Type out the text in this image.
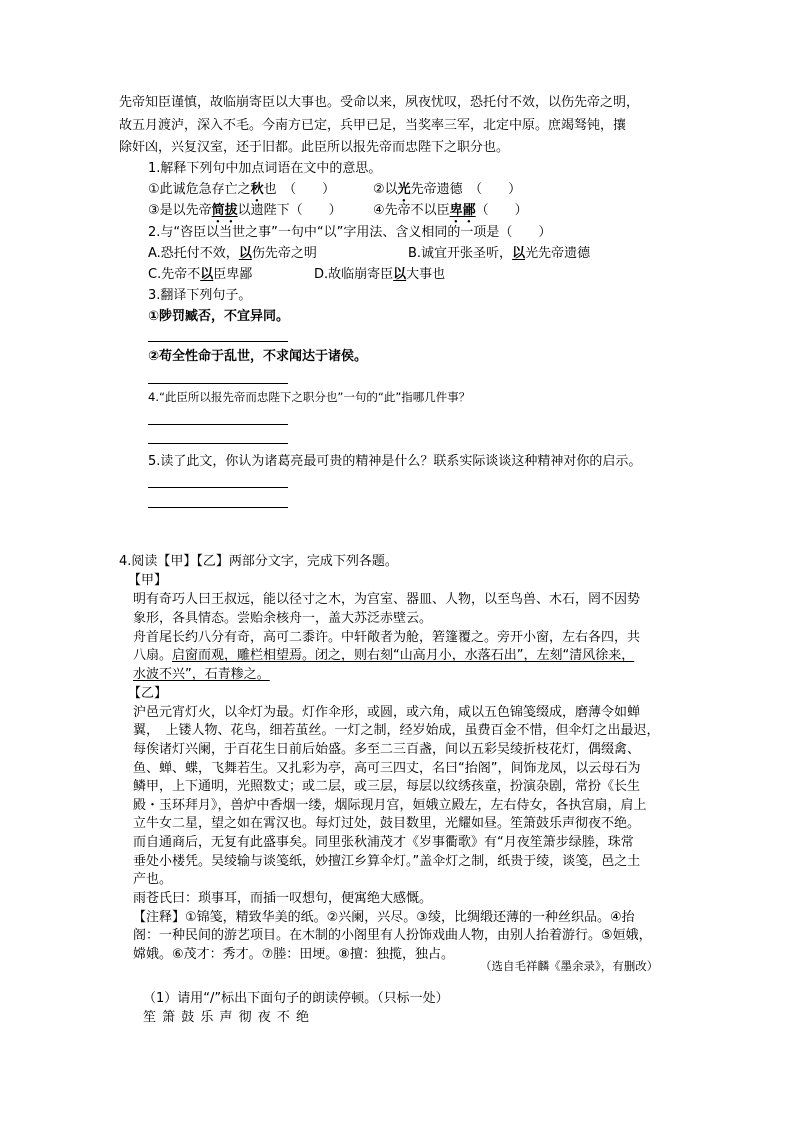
先帝知臣谨慎，故临崩寄臣以大事也。受命以来，夙夜忧叹，恐托付不效，以伤先帝之明，
故五月渡泸，深入不毛。今南方已定，兵甲已足，当奖率三军，北定中原。庶竭驽钝，攘
除奸凶，兴复汉室，还于旧都。此臣所以报先帝而忠陛下之职分也。
1.解释下列句中加点词语在文中的意思。
①此诚危急存亡之秋也　（　　）	②以光先帝遗德　（　　）
③是以先帝简拔以遗陛下（　　） ④先帝不以臣卑鄙（　　）
2.与“咨臣以当世之事”一句中“以”字用法、含义相同的一项是（　　）
A.恐托付不效，以伤先帝之明	B.诚宜开张圣听，以光先帝遗德
C.先帝不以臣卑鄙	D.故临崩寄臣以大事也
3.翻译下列句子。
①陟罚臧否，不宜异同。
②苟全性命于乱世，不求闻达于诸侯。
4.“此臣所以报先帝而忠陛下之职分也”一句的“此”指哪几件事？
5.读了此文，你认为诸葛亮最可贵的精神是什么？联系实际谈谈这种精神对你的启示。
4.阅读【甲】【乙】两部分文字，完成下列各题。
【甲】
明有奇巧人曰王叔远，能以径寸之木，为宫室、器皿、人物，以至鸟兽、木石，罔不因势
象形，各具情态。尝贻余核舟一，盖大苏泛赤壁云。
舟首尾长约八分有奇，高可二黍许。中轩敞者为舱，箬篷覆之。旁开小窗，左右各四，共
八扇。启窗而观，雕栏相望焉。闭之，则右刻“山高月小，水落石出”，左刻“清风徐来，
水波不兴”，石青糁之。
【乙】
沪邑元宵灯火，以伞灯为最。灯作伞形，或圆，或六角，咸以五色锦笺缀成，磨薄令如蝉
翼，　上镂人物、花鸟，细若茧丝。一灯之制，经岁始成，虽费百金不惜，但伞灯之出最迟，
每俟诸灯兴阑，于百花生日前后始盛。多至二三百盏，间以五彩吴绫折枝花灯，偶缀禽、
鱼、蝉、蝶，飞舞若生。又扎彩为亭，高可三四丈，名曰“抬阁”，间饰龙凤，以云母石为
鳞甲，上下通明，光照数丈；或二层，或三层，每层以纹绣孩童，扮演杂剧，常扮《长生
殿・玉环拜月》，兽炉中香烟一缕，烟际现月宫，姮娥立殿左，左右侍女，各执宫扇，肩上
立牛女二星，望之如在霄汉也。每灯过处，鼓目数里，光耀如昼。笙箫鼓乐声彻夜不绝。
而自通商后，无复有此盛事矣。同里张秋浦茂才《岁事衢歌》有“月夜笙箫步绿塍，珠常
垂处小楼凭。吴绫输与谈笺纸，妙擅江乡算伞灯。”盖伞灯之制，纸贵于绫，谈笺，邑之土
产也。
雨苍氏曰：琐事耳，而插一叹想句，便寓绝大感慨。
【注释】①锦笺，精致华美的纸。②兴阑，兴尽。③绫，比绸缎还薄的一种丝织品。④抬
阁：一种民间的游艺项目。在木制的小阁里有人扮饰戏曲人物，由别人抬着游行。⑤姮娥，
嫦娥。⑥茂才：秀才。⑦塍：田埂。⑧擅：独揽，独占。
（选自毛祥麟《墨余录》，有删改）
（1）请用“/”标出下面句子的朗读停顿。（只标一处）
笙 箫 鼓 乐 声 彻 夜 不 绝
